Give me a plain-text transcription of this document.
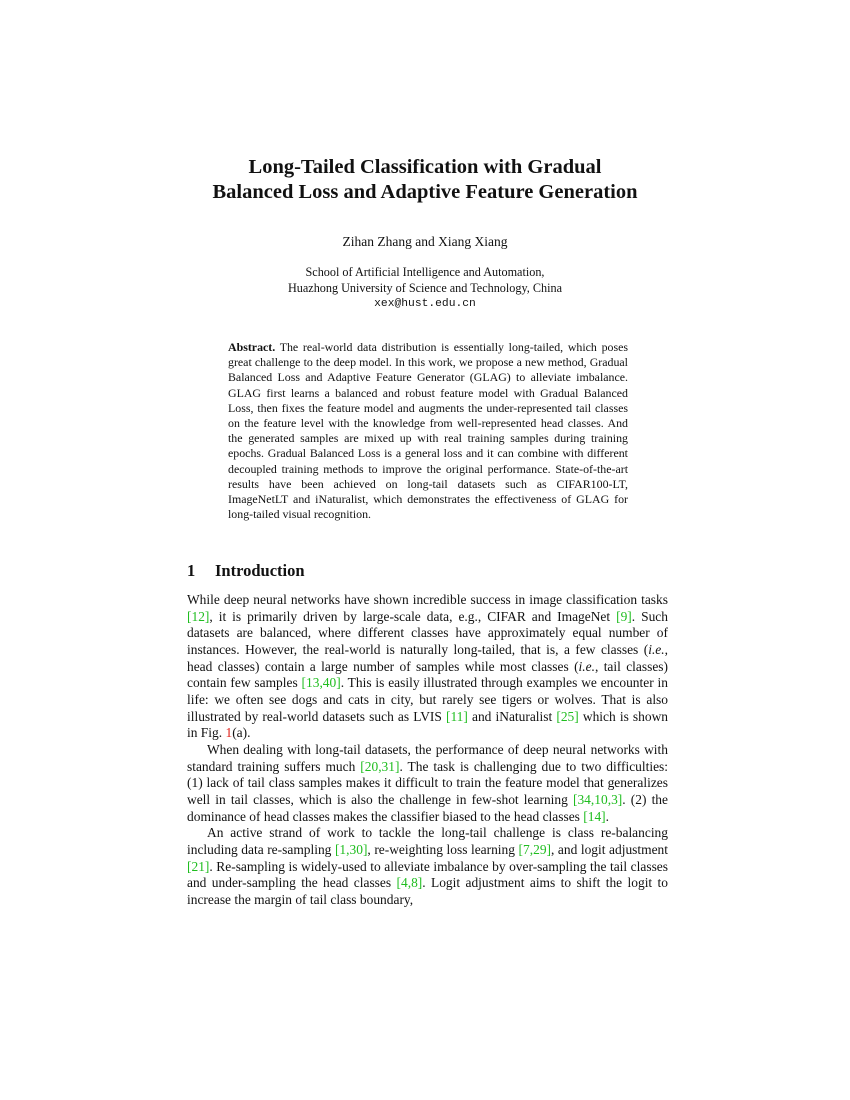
Long-Tailed Classification with Gradual
Balanced Loss and Adaptive Feature Generation
Zihan Zhang and Xiang Xiang
School of Artificial Intelligence and Automation,
Huazhong University of Science and Technology, China
xex@hust.edu.cn
Abstract. The real-world data distribution is essentially long-tailed, which poses great challenge to the deep model. In this work, we propose a new method, Gradual Balanced Loss and Adaptive Feature Generator (GLAG) to alleviate imbalance. GLAG first learns a balanced and robust feature model with Gradual Balanced Loss, then fixes the feature model and augments the under-represented tail classes on the feature level with the knowledge from well-represented head classes. And the generated samples are mixed up with real training samples during training epochs. Gradual Balanced Loss is a general loss and it can combine with different decoupled training methods to improve the original performance. State-of-the-art results have been achieved on long-tail datasets such as CIFAR100-LT, ImageNetLT and iNaturalist, which demonstrates the effectiveness of GLAG for long-tailed visual recognition.
1 Introduction

While deep neural networks have shown incredible success in image classification tasks [12], it is primarily driven by large-scale data, e.g., CIFAR and ImageNet [9]. Such datasets are balanced, where different classes have approximately equal number of instances. However, the real-world is naturally long-tailed, that is, a few classes (i.e., head classes) contain a large number of samples while most classes (i.e., tail classes) contain few samples [13,40]. This is easily illustrated through examples we encounter in life: we often see dogs and cats in city, but rarely see tigers or wolves. That is also illustrated by real-world datasets such as LVIS [11] and iNaturalist [25] which is shown in Fig. 1(a).

When dealing with long-tail datasets, the performance of deep neural networks with standard training suffers much [20,31]. The task is challenging due to two difficulties: (1) lack of tail class samples makes it difficult to train the feature model that generalizes well in tail classes, which is also the challenge in few-shot learning [34,10,3]. (2) the dominance of head classes makes the classifier biased to the head classes [14].

An active strand of work to tackle the long-tail challenge is class re-balancing including data re-sampling [1,30], re-weighting loss learning [7,29], and logit adjustment [21]. Re-sampling is widely-used to alleviate imbalance by over-sampling the tail classes and under-sampling the head classes [4,8]. Logit adjustment aims to shift the logit to increase the margin of tail class boundary,
